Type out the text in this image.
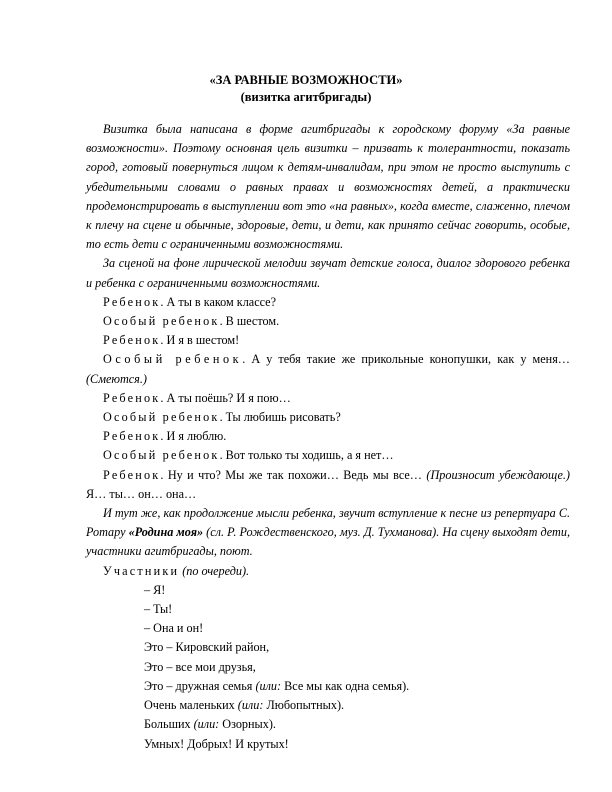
«ЗА РАВНЫЕ ВОЗМОЖНОСТИ»
(визитка агитбригады)

Визитка была написана в форме агитбригады к городскому форуму «За равные возможности». Поэтому основная цель визитки – призвать к толерантности, показать город, готовый повернуться лицом к детям-инвалидам, при этом не просто выступить с убедительными словами о равных правах и возможностях детей, а практически продемонстрировать в выступлении вот это «на равных», когда вместе, слаженно, плечом к плечу на сцене и обычные, здоровые, дети, и дети, как принято сейчас говорить, особые, то есть дети с ограниченными возможностями.

За сценой на фоне лирической мелодии звучат детские голоса, диалог здорового ребенка и ребенка с ограниченными возможностями.

Ребенок. А ты в каком классе?

Особый ребенок. В шестом.

Ребенок. И я в шестом!

Особый ребенок. А у тебя такие же прикольные конопушки, как у меня… (Смеются.)

Ребенок. А ты поёшь? И я пою…

Особый ребенок. Ты любишь рисовать?

Ребенок. И я люблю.

Особый ребенок. Вот только ты ходишь, а я нет…

Ребенок. Ну и что? Мы же так похожи… Ведь мы все… (Произносит убеждающе.) Я… ты… он… она…

И тут же, как продолжение мысли ребенка, звучит вступление к песне из репертуара С. Ротару «Родина моя» (сл. Р. Рождественского, муз. Д. Тухманова). На сцену выходят дети, участники агитбригады, поют.

Участники (по очереди).

– Я!
– Ты!
– Она и он!
Это – Кировский район,
Это – все мои друзья,
Это – дружная семья (или: Все мы как одна семья).
Очень маленьких (или: Любопытных).
Больших (или: Озорных).
Умных! Добрых! И крутых!
